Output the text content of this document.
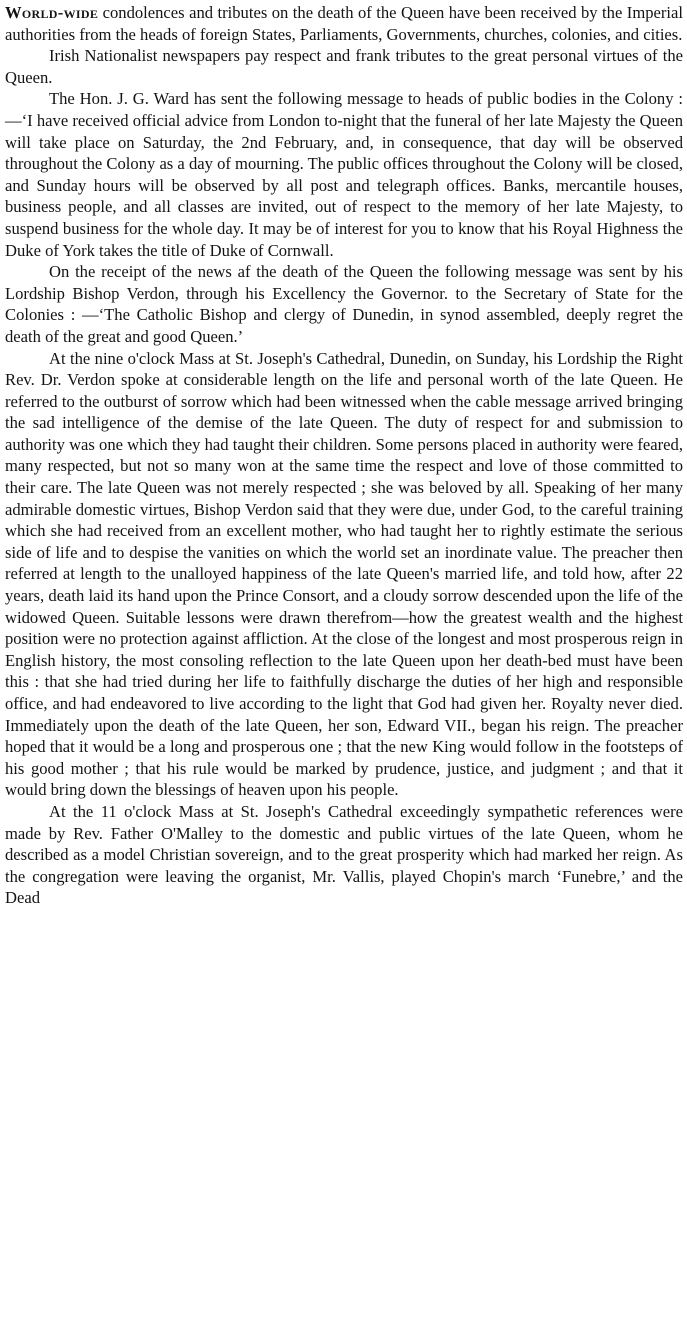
World-wide condolences and tributes on the death of the Queen have been received by the Imperial authorities from the heads of foreign States, Parliaments, Governments, churches, colonies, and cities.

Irish Nationalist newspapers pay respect and frank tributes to the great personal virtues of the Queen.

The Hon. J. G. Ward has sent the following message to heads of public bodies in the Colony :—‘I have received official advice from London to-night that the funeral of her late Majesty the Queen will take place on Saturday, the 2nd February, and, in consequence, that day will be observed throughout the Colony as a day of mourning. The public offices throughout the Colony will be closed, and Sunday hours will be observed by all post and telegraph offices. Banks, mercantile houses, business people, and all classes are invited, out of respect to the memory of her late Majesty, to suspend business for the whole day. It may be of interest for you to know that his Royal Highness the Duke of York takes the title of Duke of Cornwall.

On the receipt of the news af the death of the Queen the following message was sent by his Lordship Bishop Verdon, through his Excellency the Governor. to the Secretary of State for the Colonies : —‘The Catholic Bishop and clergy of Dunedin, in synod assembled, deeply regret the death of the great and good Queen.’

At the nine o'clock Mass at St. Joseph's Cathedral, Dunedin, on Sunday, his Lordship the Right Rev. Dr. Verdon spoke at considerable length on the life and personal worth of the late Queen. He referred to the outburst of sorrow which had been witnessed when the cable message arrived bringing the sad intelligence of the demise of the late Queen. The duty of respect for and submission to authority was one which they had taught their children. Some persons placed in authority were feared, many respected, but not so many won at the same time the respect and love of those committed to their care. The late Queen was not merely respected ; she was beloved by all. Speaking of her many admirable domestic virtues, Bishop Verdon said that they were due, under God, to the careful training which she had received from an excellent mother, who had taught her to rightly estimate the serious side of life and to despise the vanities on which the world set an inordinate value. The preacher then referred at length to the unalloyed happiness of the late Queen's married life, and told how, after 22 years, death laid its hand upon the Prince Consort, and a cloudy sorrow descended upon the life of the widowed Queen. Suitable lessons were drawn therefrom—how the greatest wealth and the highest position were no protection against affliction. At the close of the longest and most prosperous reign in English history, the most consoling reflection to the late Queen upon her death-bed must have been this : that she had tried during her life to faithfully discharge the duties of her high and responsible office, and had endeavored to live according to the light that God had given her. Royalty never died. Immediately upon the death of the late Queen, her son, Edward VII., began his reign. The preacher hoped that it would be a long and prosperous one ; that the new King would follow in the footsteps of his good mother ; that his rule would be marked by prudence, justice, and judgment ; and that it would bring down the blessings of heaven upon his people.

At the 11 o'clock Mass at St. Joseph's Cathedral exceedingly sympathetic references were made by Rev. Father O'Malley to the domestic and public virtues of the late Queen, whom he described as a model Christian sovereign, and to the great prosperity which had marked her reign. As the congregation were leaving the organist, Mr. Vallis, played Chopin's march ‘Funebre,’ and the Dead
